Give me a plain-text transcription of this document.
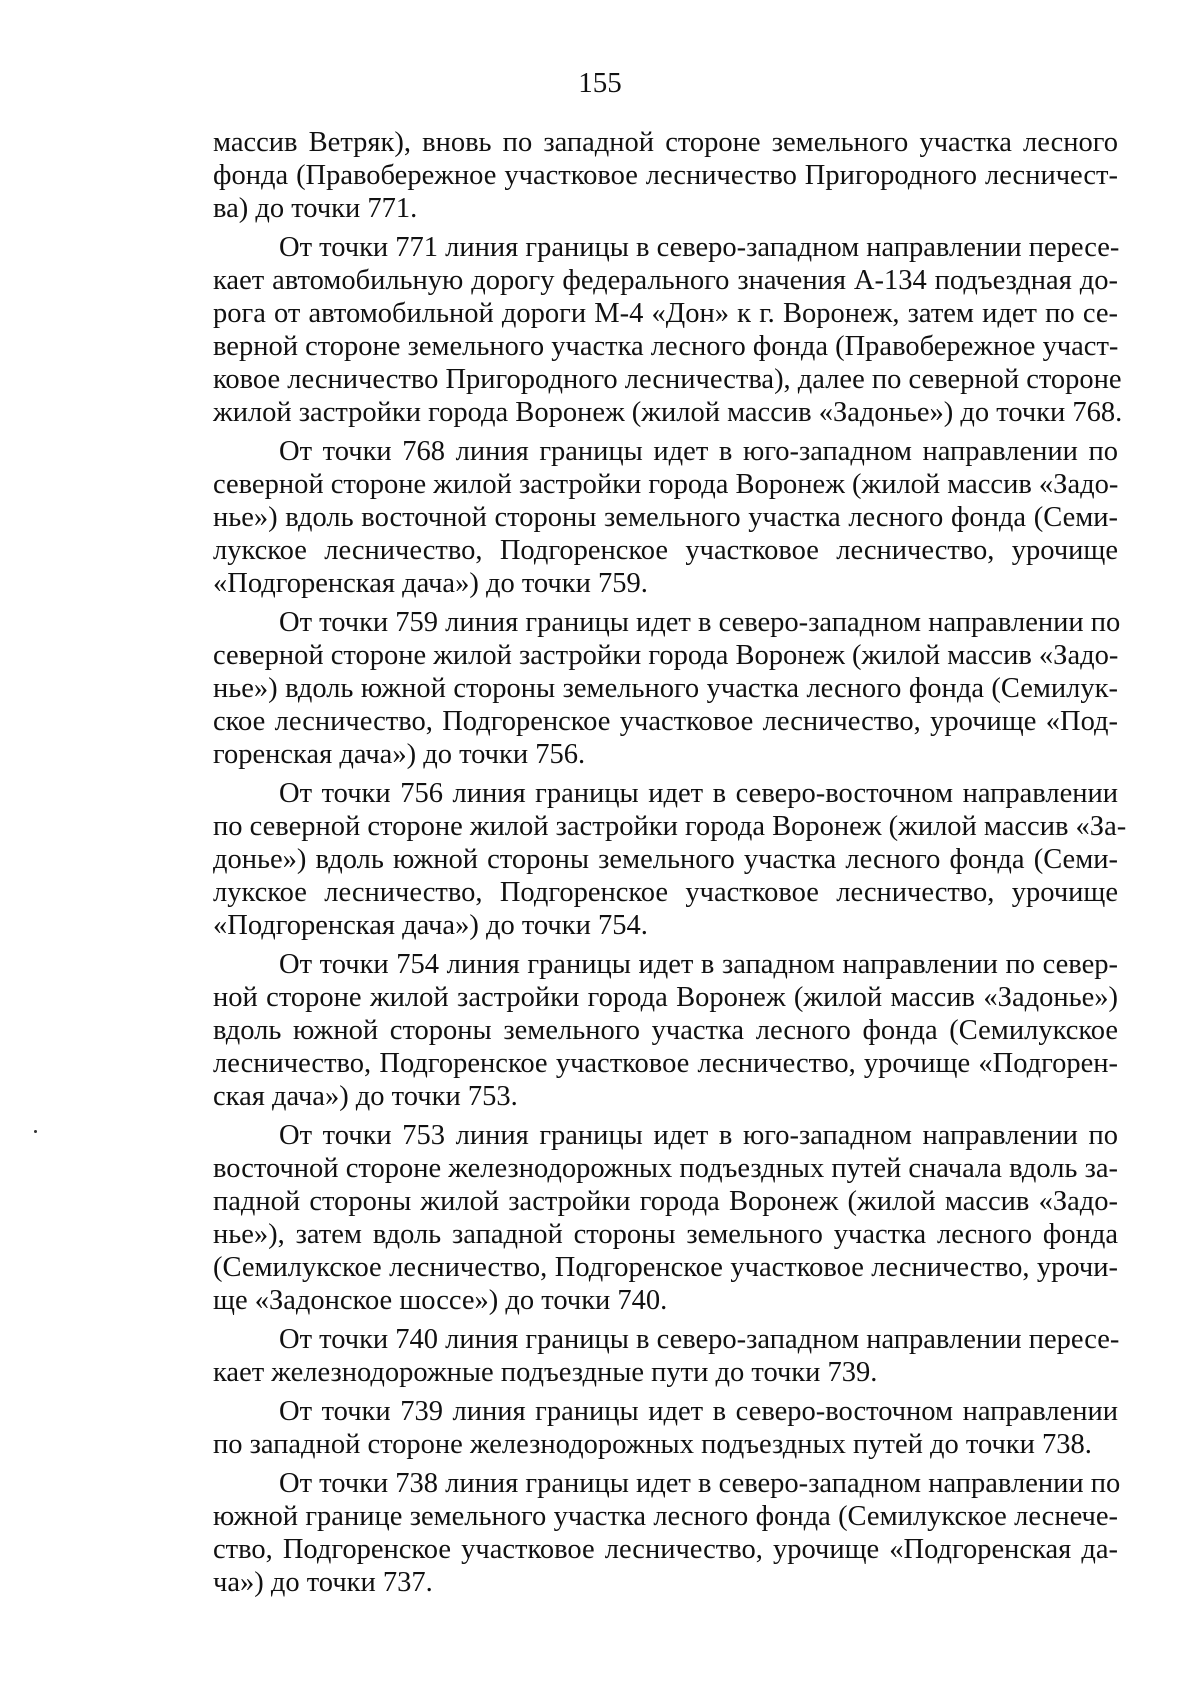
155

массив Ветряк), вновь по западной стороне земельного участка лесного
фонда (Правобережное участковое лесничество Пригородного лесничест-
ва) до точки 771.

От точки 771 линия границы в северо-западном направлении пересе-
кает автомобильную дорогу федерального значения А-134 подъездная до-
рога от автомобильной дороги М-4 «Дон» к г. Воронеж, затем идет по се-
верной стороне земельного участка лесного фонда (Правобережное участ-
ковое лесничество Пригородного лесничества), далее по северной стороне
жилой застройки города Воронеж (жилой массив «Задонье») до точки 768.

От точки 768 линия границы идет в юго-западном направлении по
северной стороне жилой застройки города Воронеж (жилой массив «Задо-
нье») вдоль восточной стороны земельного участка лесного фонда (Семи-
лукское лесничество, Подгоренское участковое лесничество, урочище
«Подгоренская дача») до точки 759.

От точки 759 линия границы идет в северо-западном направлении по
северной стороне жилой застройки города Воронеж (жилой массив «Задо-
нье») вдоль южной стороны земельного участка лесного фонда (Семилук-
ское лесничество, Подгоренское участковое лесничество, урочище «Под-
горенская дача») до точки 756.

От точки 756 линия границы идет в северо-восточном направлении
по северной стороне жилой застройки города Воронеж (жилой массив «За-
донье») вдоль южной стороны земельного участка лесного фонда (Семи-
лукское лесничество, Подгоренское участковое лесничество, урочище
«Подгоренская дача») до точки 754.

От точки 754 линия границы идет в западном направлении по север-
ной стороне жилой застройки города Воронеж (жилой массив «Задонье»)
вдоль южной стороны земельного участка лесного фонда (Семилукское
лесничество, Подгоренское участковое лесничество, урочище «Подгорен-
ская дача») до точки 753.

От точки 753 линия границы идет в юго-западном направлении по
восточной стороне железнодорожных подъездных путей сначала вдоль за-
падной стороны жилой застройки города Воронеж (жилой массив «Задо-
нье»), затем вдоль западной стороны земельного участка лесного фонда
(Семилукское лесничество, Подгоренское участковое лесничество, урочи-
ще «Задонское шоссе») до точки 740.

От точки 740 линия границы в северо-западном направлении пересе-
кает железнодорожные подъездные пути до точки 739.

От точки 739 линия границы идет в северо-восточном направлении
по западной стороне железнодорожных подъездных путей до точки 738.

От точки 738 линия границы идет в северо-западном направлении по
южной границе земельного участка лесного фонда (Семилукское леснече-
ство, Подгоренское участковое лесничество, урочище «Подгоренская да-
ча») до точки 737.
